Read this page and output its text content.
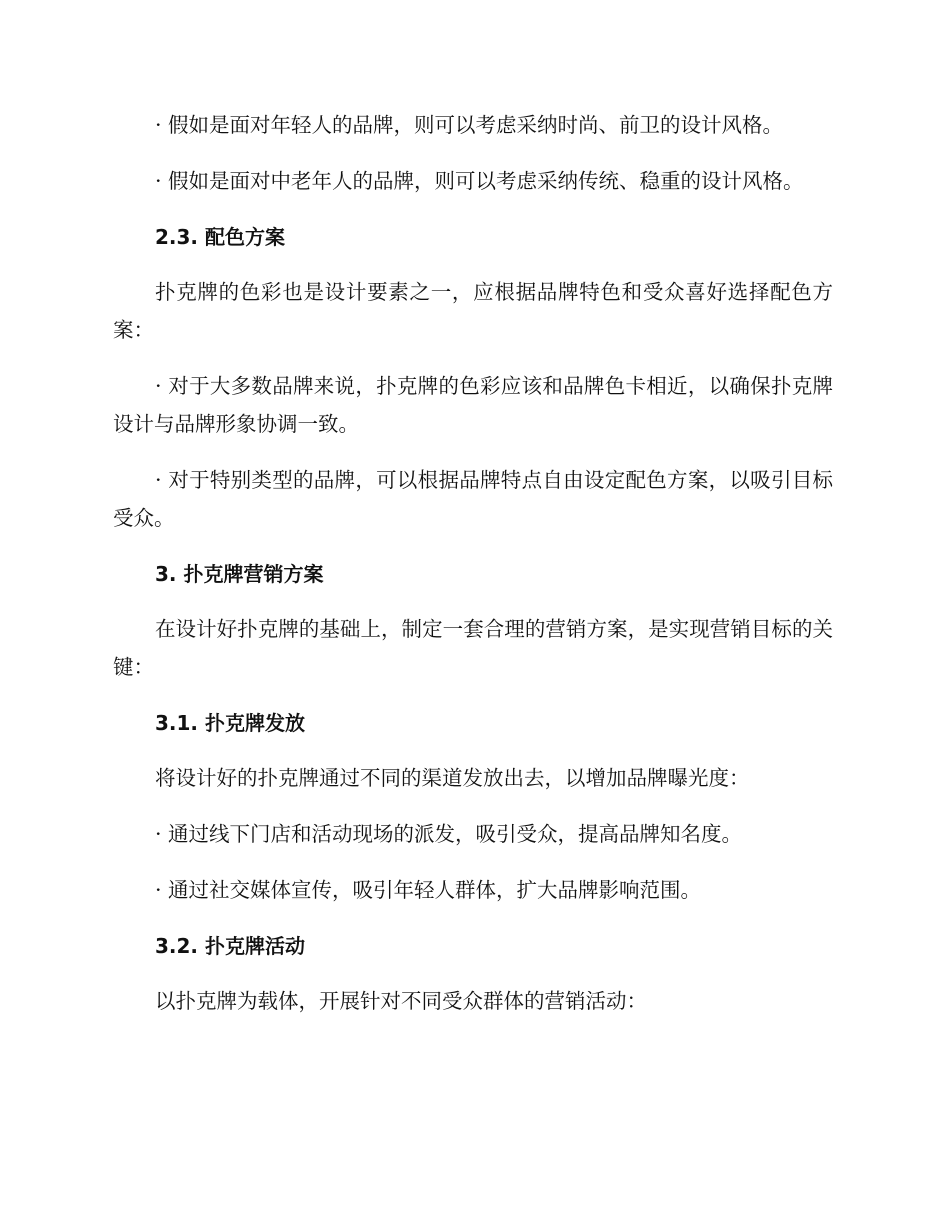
· 假如是面对年轻人的品牌，则可以考虑采纳时尚、前卫的设计风格。

· 假如是面对中老年人的品牌，则可以考虑采纳传统、稳重的设计风格。

2.3. 配色方案

扑克牌的色彩也是设计要素之一，应根据品牌特色和受众喜好选择配色方案：

· 对于大多数品牌来说，扑克牌的色彩应该和品牌色卡相近，以确保扑克牌设计与品牌形象协调一致。

· 对于特别类型的品牌，可以根据品牌特点自由设定配色方案，以吸引目标受众。

3. 扑克牌营销方案

在设计好扑克牌的基础上，制定一套合理的营销方案，是实现营销目标的关键：

3.1. 扑克牌发放

将设计好的扑克牌通过不同的渠道发放出去，以增加品牌曝光度：

· 通过线下门店和活动现场的派发，吸引受众，提高品牌知名度。

· 通过社交媒体宣传，吸引年轻人群体，扩大品牌影响范围。

3.2. 扑克牌活动

以扑克牌为载体，开展针对不同受众群体的营销活动：
